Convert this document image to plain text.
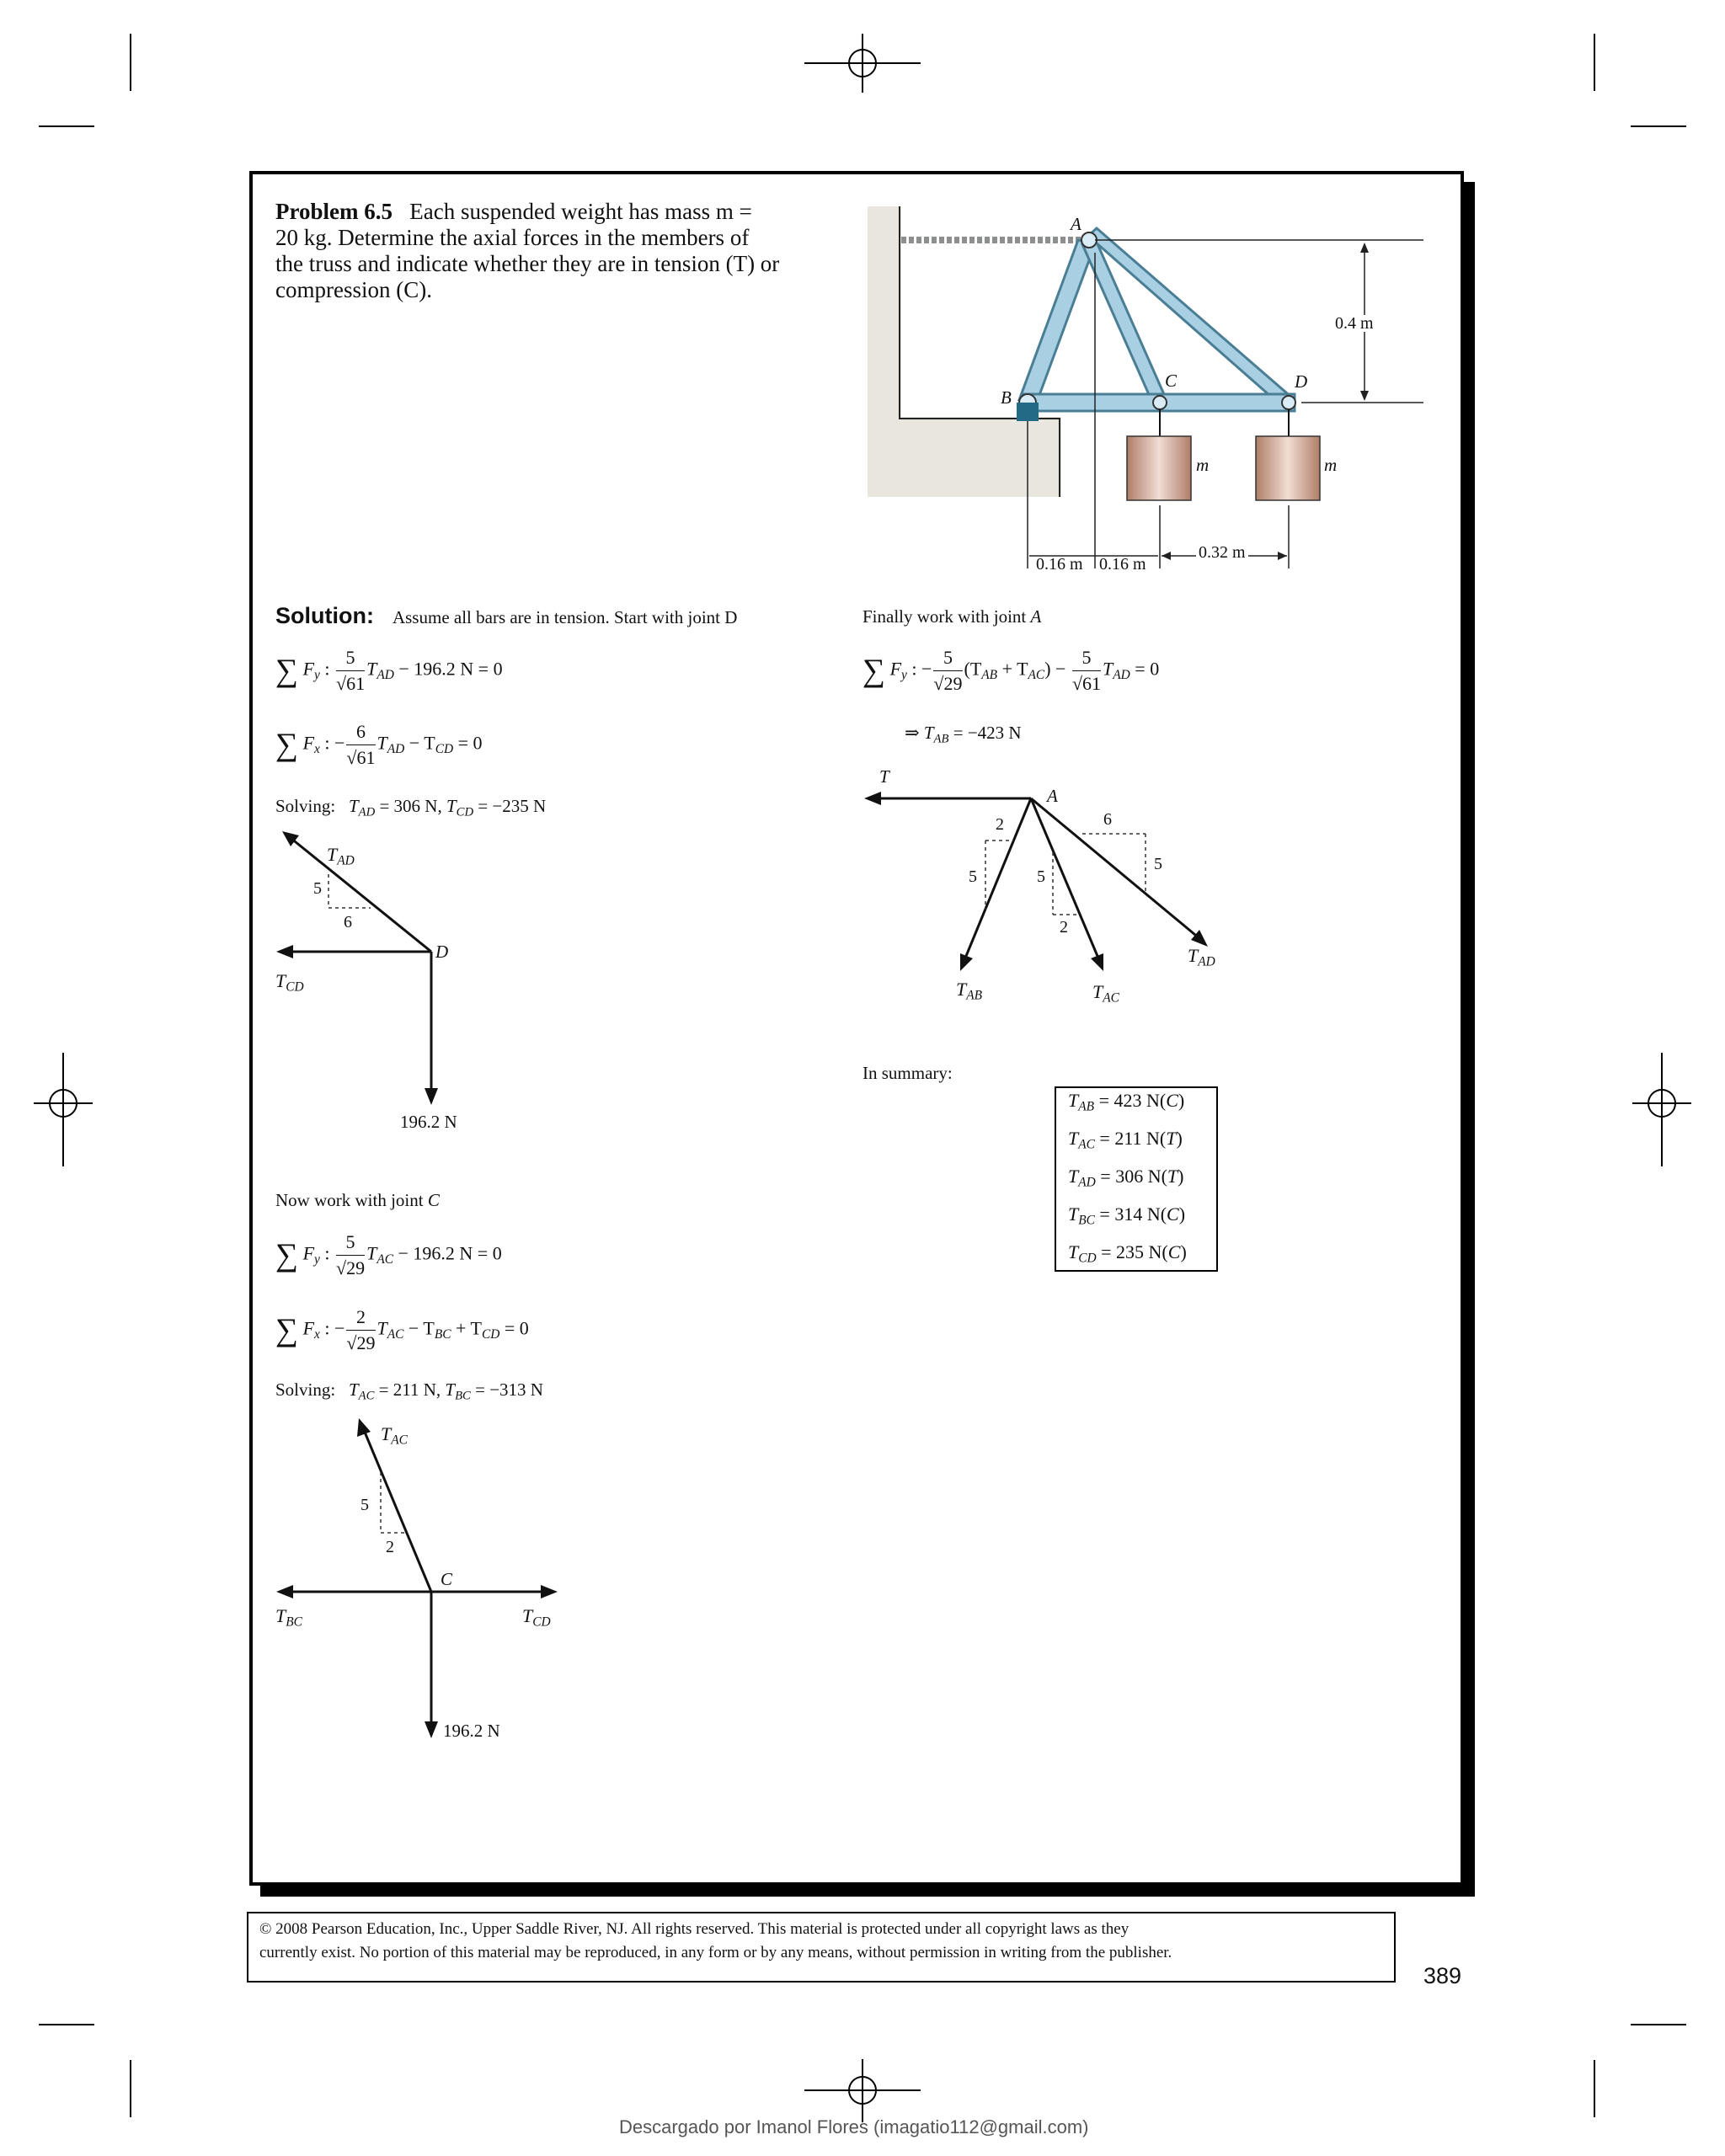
Problem 6.5 Each suspended weight has mass m =
20 kg. Determine the axial forces in the members of
the truss and indicate whether they are in tension (T) or
compression (C).
A
B
C	D
m	m
0.4 m
0.16 m 0.16 m
0.32 m
Solution: Assume all bars are in tension. Start with joint D
∑ $F_y$ : $\frac{5}{√61} T_{AD} - 196.2$ N = 0
∑ $F_x$ : − $\frac{6}{√61} T_{AD} - T_{CD} = 0$
Solving: $T_{AD} = 306$ N, $T_{CD} = -235$ N
$T_{AD}$
5
6
D
$T_{CD}$
196.2 N
Now work with joint C
∑ $F_y$ : $\frac{5}{√29} T_{AC} - 196.2$ N = 0
∑ $F_x$ : − $\frac{2}{√29} T_{AC} - T_{BC} + T_{CD} = 0$
Solving: $T_{AC} = 211$ N, $T_{BC} = -313$ N
$T_{AC}$
5
2
C
$T_{BC}$	$T_{CD}$
196.2 N
Finally work with joint A
∑ $F_y$ : − $\frac{5}{√29} (T_{AB} + T_{AC}) - \frac{5}{√61} T_{AD} = 0$
⇒ $T_{AB} = -423$ N
T
A
2	6
5	5
5
2
$T_{AB}$	$T_{AC}$
$T_{AD}$
In summary:
$T_{AB} = 423$ N(C)
$T_{AC} = 211$ N(T)
$T_{AD} = 306$ N(T)
$T_{BC} = 314$ N(C)
$T_{CD} = 235$ N(C)
© 2008 Pearson Education, Inc., Upper Saddle River, NJ. All rights reserved. This material is protected under all copyright laws as they
currently exist. No portion of this material may be reproduced, in any form or by any means, without permission in writing from the publisher.
389
Descargado por Imanol Flores (imagatio112@gmail.com)
